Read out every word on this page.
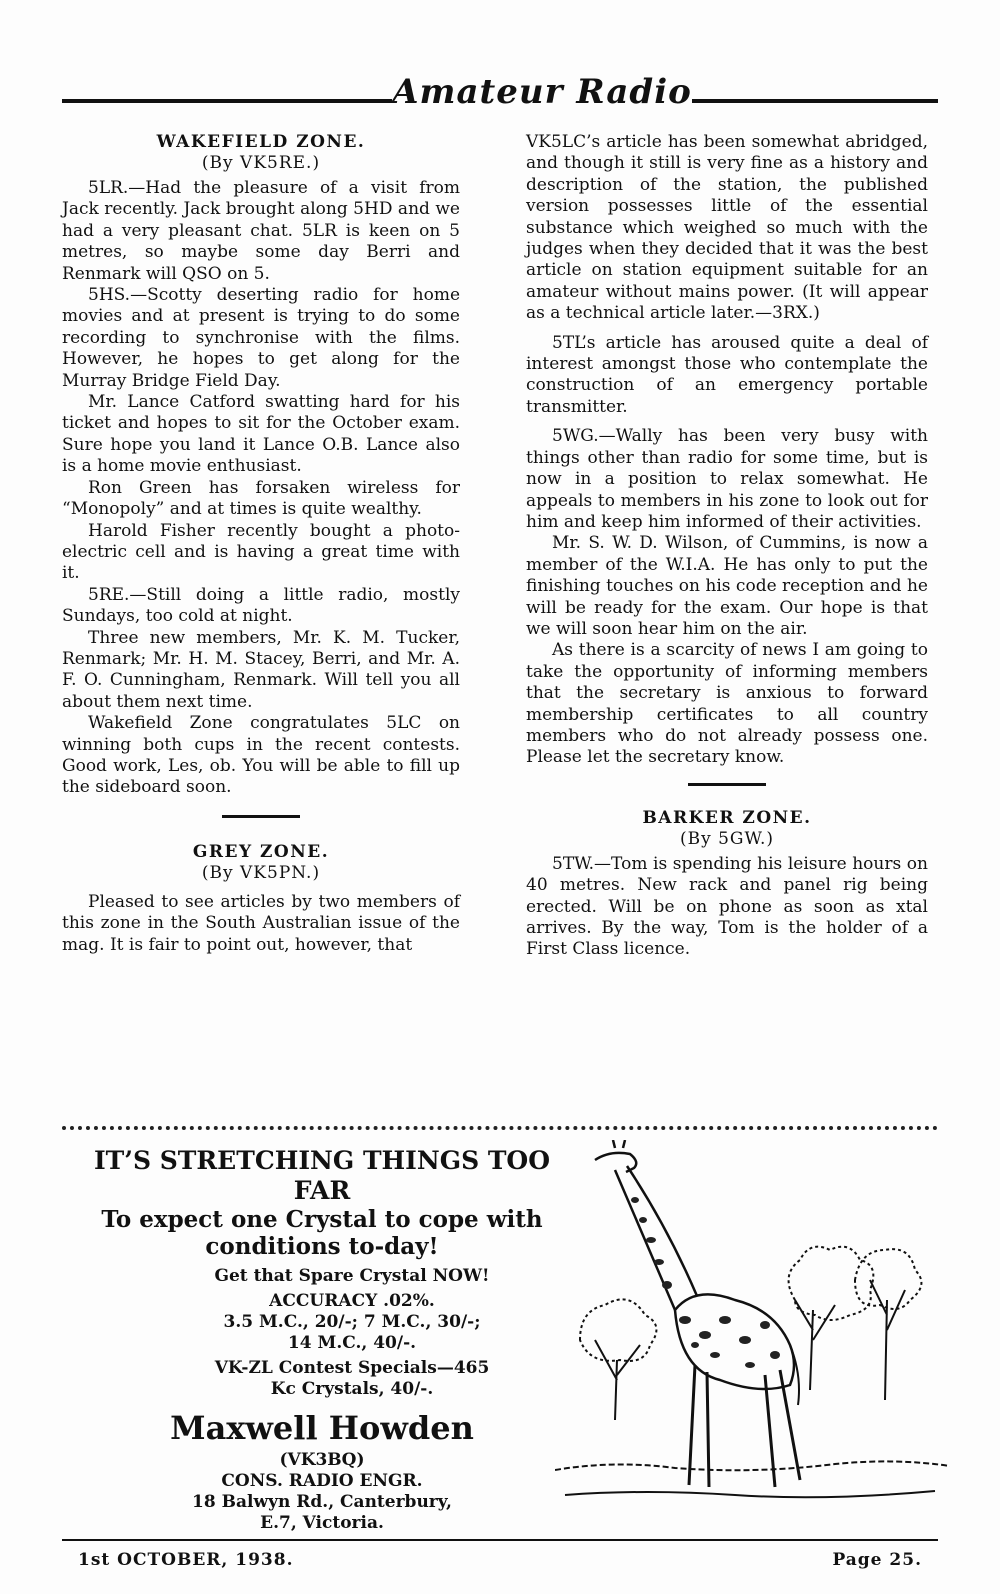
Amateur Radio
WAKEFIELD ZONE.
(By VK5RE.)

5LR.—Had the pleasure of a visit from Jack recently. Jack brought along 5HD and we had a very pleasant chat. 5LR is keen on 5 metres, so maybe some day Berri and Renmark will QSO on 5.

5HS.—Scotty deserting radio for home movies and at present is trying to do some recording to synchronise with the films. However, he hopes to get along for the Murray Bridge Field Day.

Mr. Lance Catford swatting hard for his ticket and hopes to sit for the October exam. Sure hope you land it Lance O.B. Lance also is a home movie enthusiast.

Ron Green has forsaken wireless for “Monopoly” and at times is quite wealthy.

Harold Fisher recently bought a photo-electric cell and is having a great time with it.

5RE.—Still doing a little radio, mostly Sundays, too cold at night.

Three new members, Mr. K. M. Tucker, Renmark; Mr. H. M. Stacey, Berri, and Mr. A. F. O. Cunningham, Renmark. Will tell you all about them next time.

Wakefield Zone congratulates 5LC on winning both cups in the recent contests. Good work, Les, ob. You will be able to fill up the sideboard soon.

GREY ZONE.
(By VK5PN.)

Pleased to see articles by two members of this zone in the South Australian issue of the mag. It is fair to point out, however, that

VK5LC’s article has been somewhat abridged, and though it still is very fine as a history and description of the station, the published version possesses little of the essential substance which weighed so much with the judges when they decided that it was the best article on station equipment suitable for an amateur without mains power. (It will appear as a technical article later.—3RX.)

5TL’s article has aroused quite a deal of interest amongst those who contemplate the construction of an emergency portable transmitter.

5WG.—Wally has been very busy with things other than radio for some time, but is now in a position to relax somewhat. He appeals to members in his zone to look out for him and keep him informed of their activities.

Mr. S. W. D. Wilson, of Cummins, is now a member of the W.I.A. He has only to put the finishing touches on his code reception and he will be ready for the exam. Our hope is that we will soon hear him on the air.

As there is a scarcity of news I am going to take the opportunity of informing members that the secretary is anxious to forward membership certificates to all country members who do not already possess one. Please let the secretary know.

BARKER ZONE.
(By 5GW.)

5TW.—Tom is spending his leisure hours on 40 metres. New rack and panel rig being erected. Will be on phone as soon as xtal arrives. By the way, Tom is the holder of a First Class licence.

IT’S STRETCHING THINGS TOO FAR
To expect one Crystal to cope with
conditions to-day!
Get that Spare Crystal NOW!
ACCURACY .02%.
3.5 M.C., 20/-; 7 M.C., 30/-;
14 M.C., 40/-.
VK-ZL Contest Specials—465
Kc Crystals, 40/-.
Maxwell Howden
(VK3BQ)
CONS. RADIO ENGR.
18 Balwyn Rd., Canterbury,
E.7, Victoria.
1st OCTOBER, 1938.	Page 25.
